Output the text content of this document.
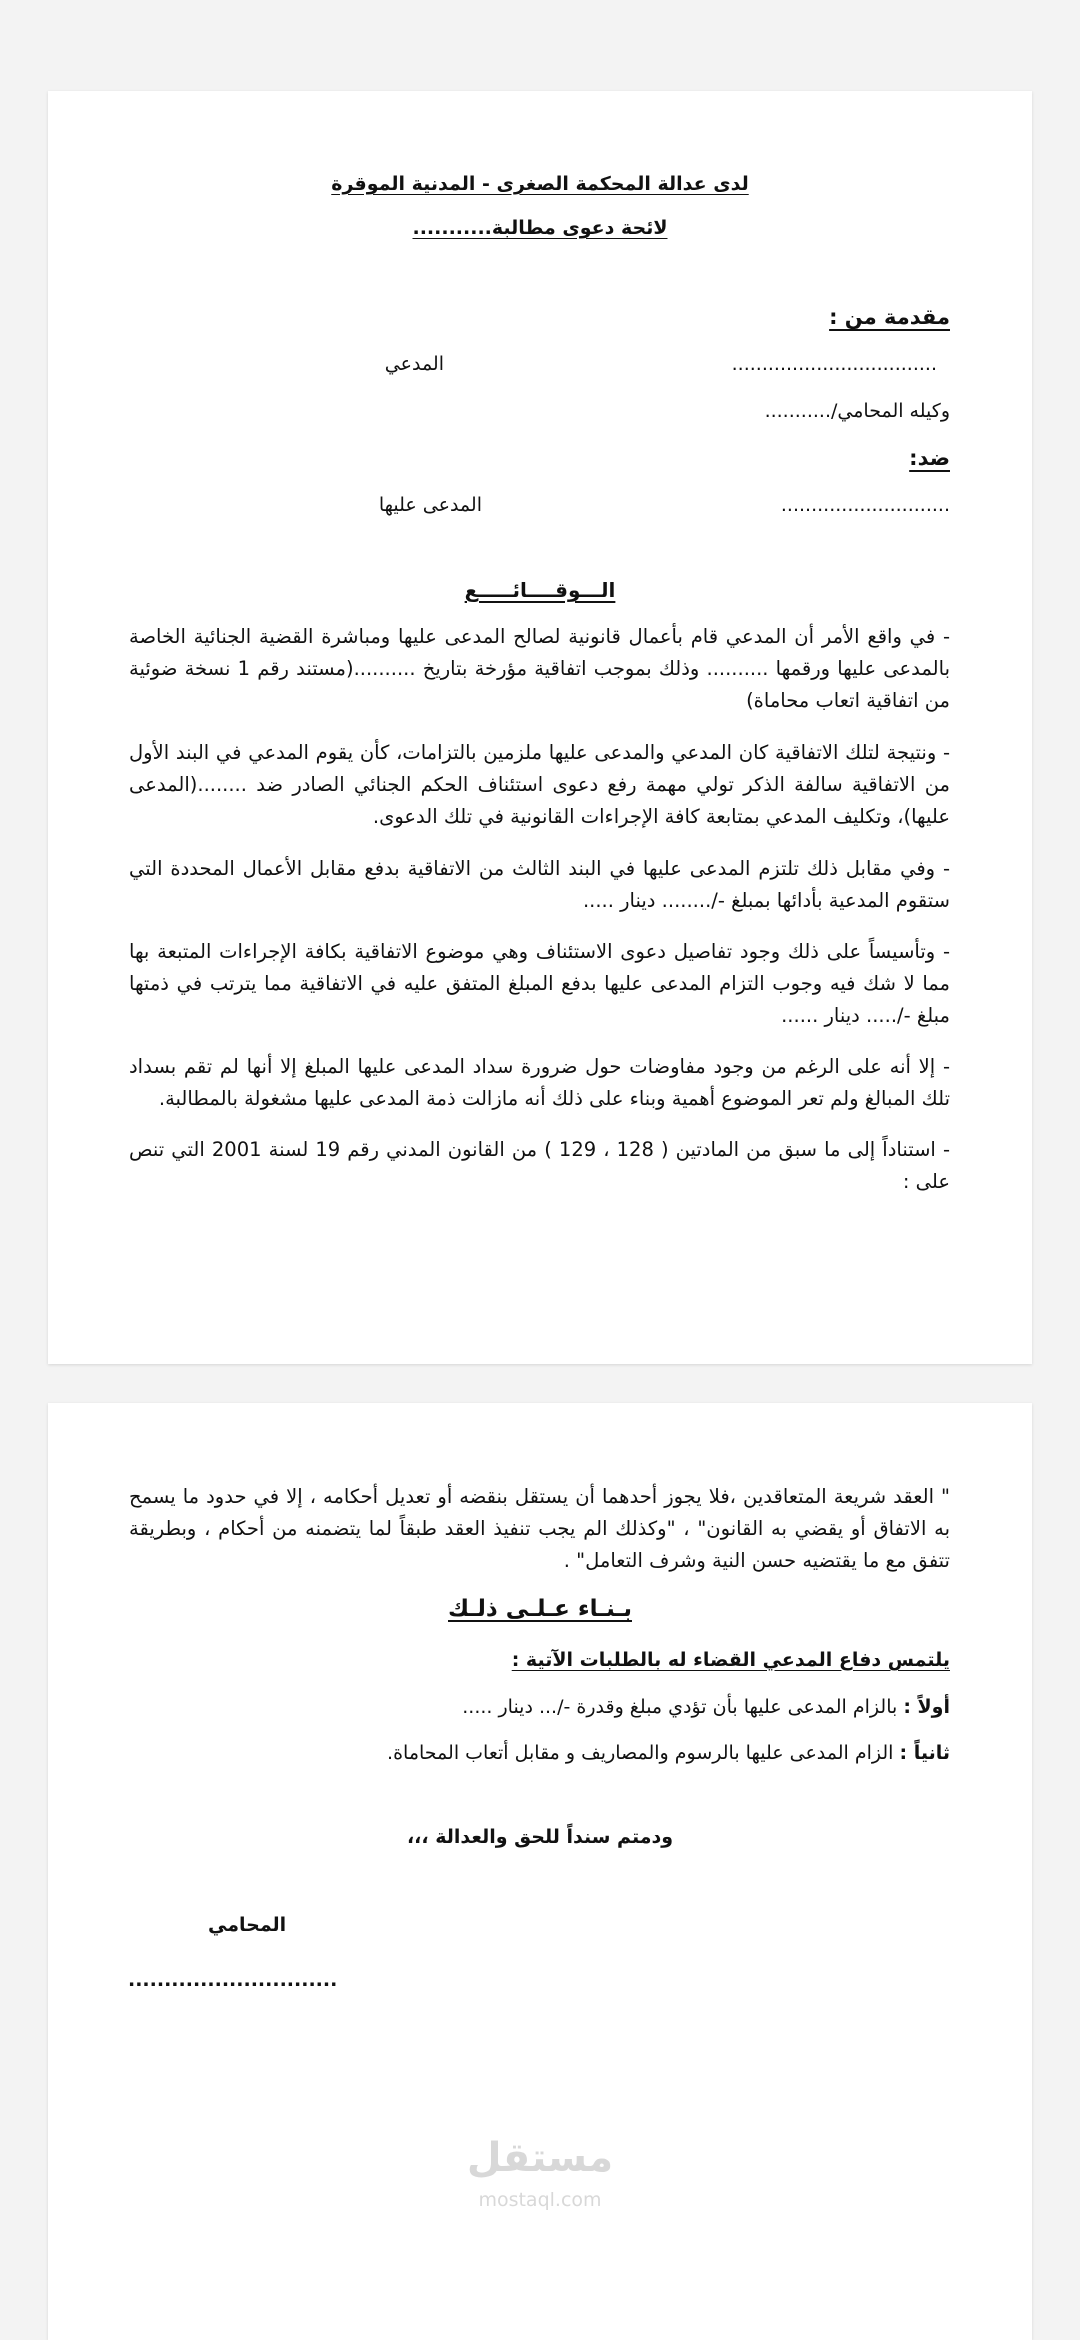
لدى عدالة المحكمة الصغرى - المدنية الموقرة
لائحة دعوى مطالبة...........
مقدمة من :
..................................
المدعي
وكيله المحامي/...........
ضد:
............................
المدعى عليها
الـــوقــــائـــــع
- في واقع الأمر أن المدعي قام بأعمال قانونية لصالح المدعى عليها ومباشرة القضية الجنائية الخاصة بالمدعى عليها ورقمها .......... وذلك بموجب اتفاقية مؤرخة بتاريخ ..........(مستند رقم 1 نسخة ضوئية من اتفاقية اتعاب محاماة)
- ونتيجة لتلك الاتفاقية كان المدعي والمدعى عليها ملزمين بالتزامات، كأن يقوم المدعي في البند الأول من الاتفاقية سالفة الذكر تولي مهمة رفع دعوى استئناف الحكم الجنائي الصادر ضد ........(المدعى عليها)، وتكليف المدعي بمتابعة كافة الإجراءات القانونية في تلك الدعوى.
- وفي مقابل ذلك تلتزم المدعى عليها في البند الثالث من الاتفاقية بدفع مقابل الأعمال المحددة التي ستقوم المدعية بأدائها بمبلغ -/........ دينار .....
- وتأسيساً على ذلك وجود تفاصيل دعوى الاستئناف وهي موضوع الاتفاقية بكافة الإجراءات المتبعة بها مما لا شك فيه وجوب التزام المدعى عليها بدفع المبلغ المتفق عليه في الاتفاقية مما يترتب في ذمتها مبلغ -/..... دينار ......
- إلا أنه على الرغم من وجود مفاوضات حول ضرورة سداد المدعى عليها المبلغ إلا أنها لم تقم بسداد تلك المبالغ ولم تعر الموضوع أهمية وبناء على ذلك أنه مازالت ذمة المدعى عليها مشغولة بالمطالبة.
- استناداً إلى ما سبق من المادتين ( 128 ، 129 ) من القانون المدني رقم 19 لسنة 2001 التي تنص على :
" العقد شريعة المتعاقدين ،فلا يجوز أحدهما أن يستقل بنقضه أو تعديل أحكامه ، إلا في حدود ما يسمح به الاتفاق أو يقضي به القانون" ، "وكذلك الم يجب تنفيذ العقد طبقاً لما يتضمنه من أحكام ، وبطريقة تتفق مع ما يقتضيه حسن النية وشرف التعامل" .
بـنـاء عـلـى ذلـك
يلتمس دفاع المدعي القضاء له بالطلبات الآتية :
أولاً : بالزام المدعى عليها بأن تؤدي مبلغ وقدرة -/... دينار .....
ثانياً : الزام المدعى عليها بالرسوم والمصاريف و مقابل أتعاب المحاماة.
ودمتم سنداً للحق والعدالة ،،،
المحامي
.............................
مستقل
mostaql.com
